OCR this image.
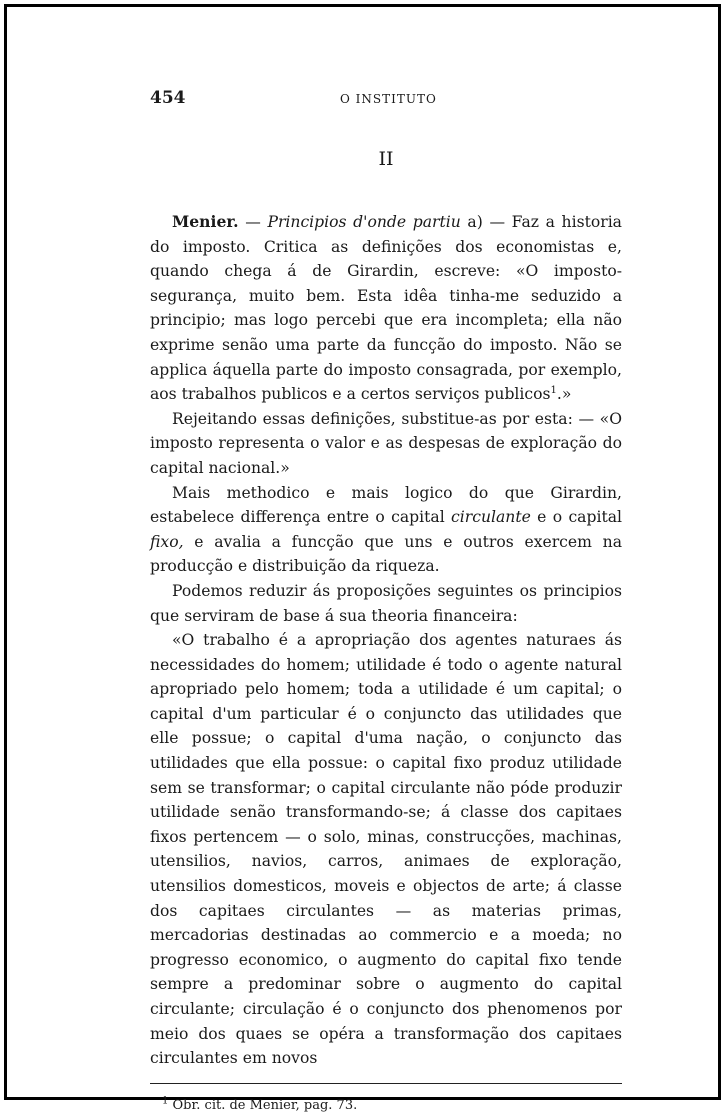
454	O INSTITUTO
II

Menier. — Principios d'onde partiu a) — Faz a historia do imposto. Critica as definições dos economistas e, quando chega á de Girardin, escreve: «O imposto-segurança, muito bem. Esta idêa tinha-me seduzido a principio; mas logo percebi que era incompleta; ella não exprime senão uma parte da funcção do imposto. Não se applica áquella parte do imposto consagrada, por exemplo, aos trabalhos publicos e a certos serviços publicos$^1$.»

Rejeitando essas definições, substitue-as por esta: — «O imposto representa o valor e as despesas de exploração do capital nacional.»

Mais methodico e mais logico do que Girardin, estabelece differença entre o capital circulante e o capital fixo, e avalia a funcção que uns e outros exercem na producção e distribuição da riqueza.

Podemos reduzir ás proposições seguintes os principios que serviram de base á sua theoria financeira:

«O trabalho é a apropriação dos agentes naturaes ás necessidades do homem; utilidade é todo o agente natural apropriado pelo homem; toda a utilidade é um capital; o capital d'um particular é o conjuncto das utilidades que elle possue; o capital d'uma nação, o conjuncto das utilidades que ella possue: o capital fixo produz utilidade sem se transformar; o capital circulante não póde produzir utilidade senão transformando-se; á classe dos capitaes fixos pertencem — o solo, minas, construcções, machinas, utensilios, navios, carros, animaes de exploração, utensilios domesticos, moveis e objectos de arte; á classe dos capitaes circulantes — as materias primas, mercadorias destinadas ao commercio e a moeda; no progresso economico, o augmento do capital fixo tende sempre a predominar sobre o augmento do capital circulante; circulação é o conjuncto dos phenomenos por meio dos quaes se opéra a transformação dos capitaes circulantes em novos

$^1$ Obr. cit. de Menier, pag. 73.
